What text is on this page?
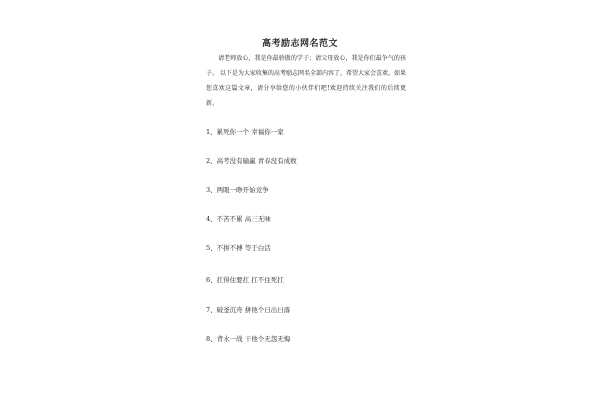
高考励志网名范文
请老师放心，我是你最骄傲的学子；请父母放心，我是你们最争气的孩子。 以下是为大家收集的高考励志网名全部内容了，希望大家会喜欢。如果您喜欢这篇文章，请分享给您的小伙伴们吧!欢迎持续关注我们的后续更新。
1、累死你一个 幸福你一家
2、高考没有输赢 青春没有成败
3、两眼一睁开始竞争
4、不苦不累 高三无味
5、不拼不搏 等于白活
6、扛得住要扛 扛不住死扛
7、破釜沉舟 拼他个日出日落
8、背水一战 干他个无怨无悔
